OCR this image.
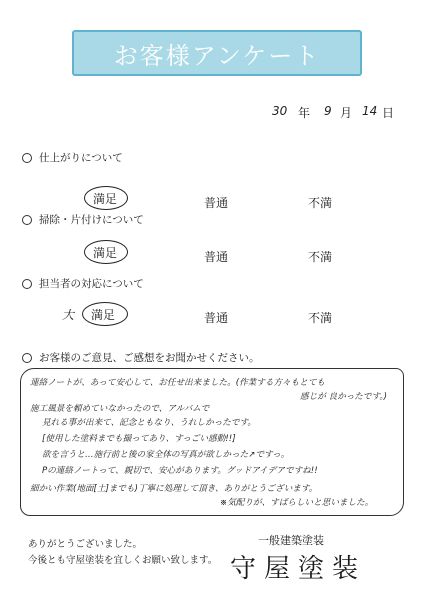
お客様アンケート
30 年 9 月 14 日
仕上がりについて
満足	普通	不満
掃除・片付けについて
満足	普通	不満
担当者の対応について
大 満足	普通	不満
お客様のご意見、ご感想をお聞かせください。
連絡ノートが、あって安心して、お任せ出来ました。(作業する方々もとても
感じが 良かったです。)
施工風景を頼めていなかったので、アルバムで
見れる事が出来て、記念ともなり、うれしかったです。
[使用した塗料までも撮ってあり、すっごい感動!!]
欲を言うと…施行前と後の家全体の写真が欲しかった↗ですっ。
Pの連絡ノートって、親切で、安心があります。グッドアイデアですね!!
細かい作業(地面[土]までも)丁寧に処理して頂き、ありがとうございます。
※気配りが、すばらしいと思いました。
ありがとうございました。
今後とも守屋塗装を宜しくお願い致します。
一般建築塗装
守屋塗装
